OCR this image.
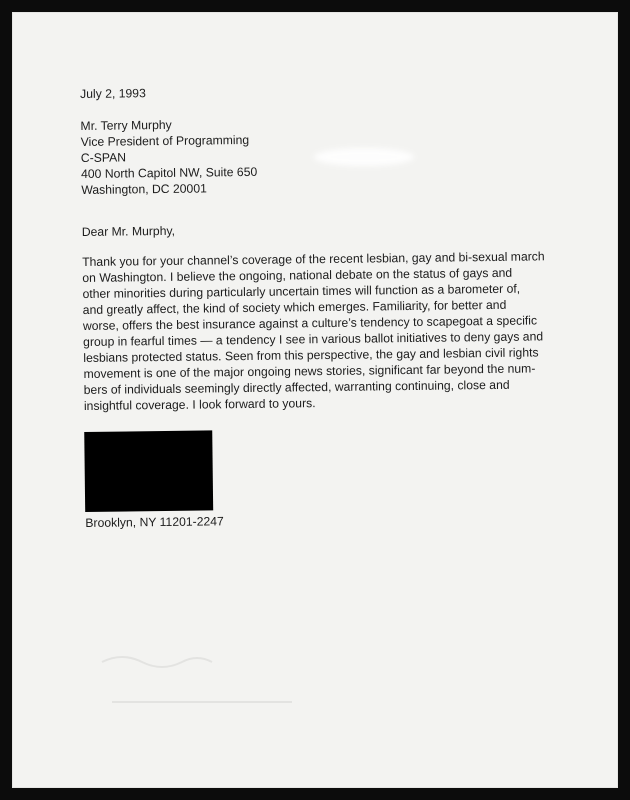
July 2, 1993
Mr. Terry Murphy
Vice President of Programming
C-SPAN
400 North Capitol NW, Suite 650
Washington, DC 20001
Dear Mr. Murphy,
Thank you for your channel’s coverage of the recent lesbian, gay and bi-sexual march
on Washington. I believe the ongoing, national debate on the status of gays and
other minorities during particularly uncertain times will function as a barometer of,
and greatly affect, the kind of society which emerges. Familiarity, for better and
worse, offers the best insurance against a culture’s tendency to scapegoat a specific
group in fearful times — a tendency I see in various ballot initiatives to deny gays and
lesbians protected status. Seen from this perspective, the gay and lesbian civil rights
movement is one of the major ongoing news stories, significant far beyond the num-
bers of individuals seemingly directly affected, warranting continuing, close and
insightful coverage. I look forward to yours.
Brooklyn, NY 11201-2247
